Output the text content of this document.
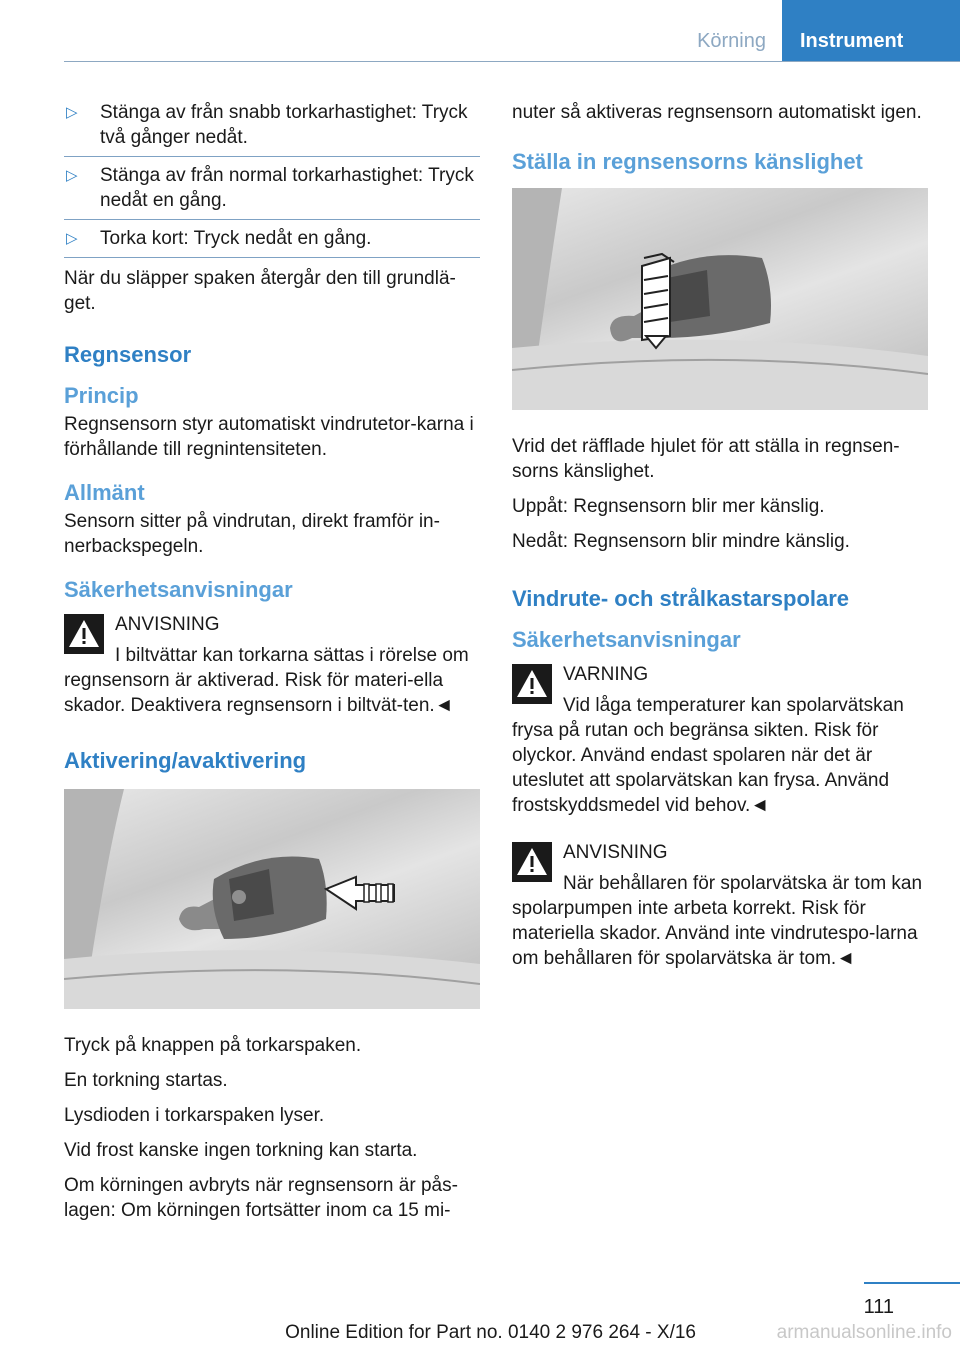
Körning	Instrument
▷	Stänga av från snabb torkarhastighet: Tryck två gånger nedåt.
▷	Stänga av från normal torkarhastighet: Tryck nedåt en gång.
▷	Torka kort: Tryck nedåt en gång.

När du släpper spaken återgår den till grundlä-get.

Regnsensor
Princip

Regnsensorn styr automatiskt vindrutetor-karna i förhållande till regnintensiteten.

Allmänt

Sensorn sitter på vindrutan, direkt framför in-nerbackspegeln.

Säkerhetsanvisningar
ANVISNING
I biltvättar kan torkarna sättas i rörelse om regnsensorn är aktiverad. Risk för materi-ella skador. Deaktivera regnsensorn i biltvät-ten.◄
Aktivering/avaktivering

Tryck på knappen på torkarspaken.

En torkning startas.

Lysdioden i torkarspaken lyser.

Vid frost kanske ingen torkning kan starta.

Om körningen avbryts när regnsensorn är pås-lagen: Om körningen fortsätter inom ca 15 mi-

nuter så aktiveras regnsensorn automatiskt igen.

Ställa in regnsensorns känslighet

Vrid det räfflade hjulet för att ställa in regnsen-sorns känslighet.

Uppåt: Regnsensorn blir mer känslig.

Nedåt: Regnsensorn blir mindre känslig.

Vindrute- och strålkastarspolare
Säkerhetsanvisningar
VARNING
Vid låga temperaturer kan spolarvätskan frysa på rutan och begränsa sikten. Risk för olyckor. Använd endast spolaren när det är uteslutet att spolarvätskan kan frysa. Använd frostskyddsmedel vid behov.◄
ANVISNING
När behållaren för spolarvätska är tom kan spolarpumpen inte arbeta korrekt. Risk för materiella skador. Använd inte vindrutespo-larna om behållaren för spolarvätska är tom.◄
111
Online Edition for Part no. 0140 2 976 264 - X/16	armanualsonline.info
